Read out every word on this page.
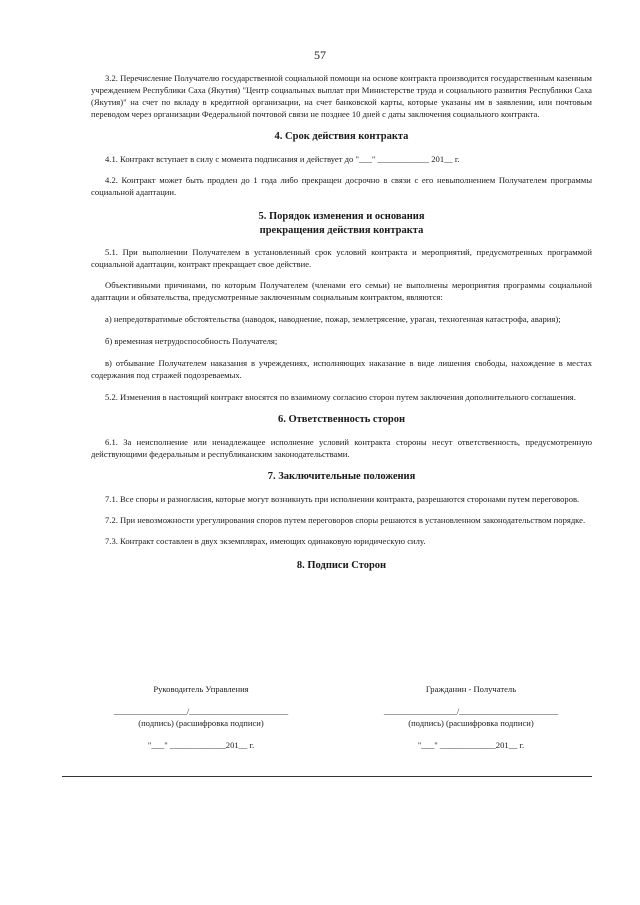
57

3.2. Перечисление Получателю государственной социальной помощи на основе контракта производится государственным казенным учреждением Республики Саха (Якутия) "Центр социальных выплат при Министерстве труда и социального развития Республики Саха (Якутия)" на счет по вкладу в кредитной организации, на счет банковской карты, которые указаны им в заявлении, или почтовым переводом через организации Федеральной почтовой связи не позднее 10 дней с даты заключения социального контракта.

4. Срок действия контракта

4.1. Контракт вступает в силу с момента подписания и действует до "___" ____________ 201__ г.

4.2. Контракт может быть продлен до 1 года либо прекращен досрочно в связи с его невыполнением Получателем программы социальной адаптации.

5. Порядок изменения и основания
прекращения действия контракта

5.1. При выполнении Получателем в установленный срок условий контракта и мероприятий, предусмотренных программой социальной адаптации, контракт прекращает свое действие.

Объективными причинами, по которым Получателем (членами его семьи) не выполнены мероприятия программы социальной адаптации и обязательства, предусмотренные заключенным социальным контрактом, являются:

а) непредотвратимые обстоятельства (наводок, наводнение, пожар, землетрясение, ураган, техногенная катастрофа, авария);

б) временная нетрудоспособность Получателя;

в) отбывание Получателем наказания в учреждениях, исполняющих наказание в виде лишения свободы, нахождение в местах содержания под стражей подозреваемых.

5.2. Изменения в настоящий контракт вносятся по взаимному согласию сторон путем заключения дополнительного соглашения.

6. Ответственность сторон

6.1. За неисполнение или ненадлежащее исполнение условий контракта стороны несут ответственность, предусмотренную действующими федеральным и республиканским законодательствами.

7. Заключительные положения

7.1. Все споры и разногласия, которые могут возникнуть при исполнении контракта, разрешаются сторонами путем переговоров.

7.2. При невозможности урегулирования споров путем переговоров споры решаются в установленном законодательством порядке.

7.3. Контракт составлен в двух экземплярах, имеющих одинаковую юридическую силу.

8. Подписи Сторон
Руководитель Управления
_________________/_______________________
(подпись) (расшифровка подписи)
"___" _____________201__ г.
Гражданин - Получатель
_________________/_______________________
(подпись) (расшифровка подписи)
"___" _____________201__ г.
